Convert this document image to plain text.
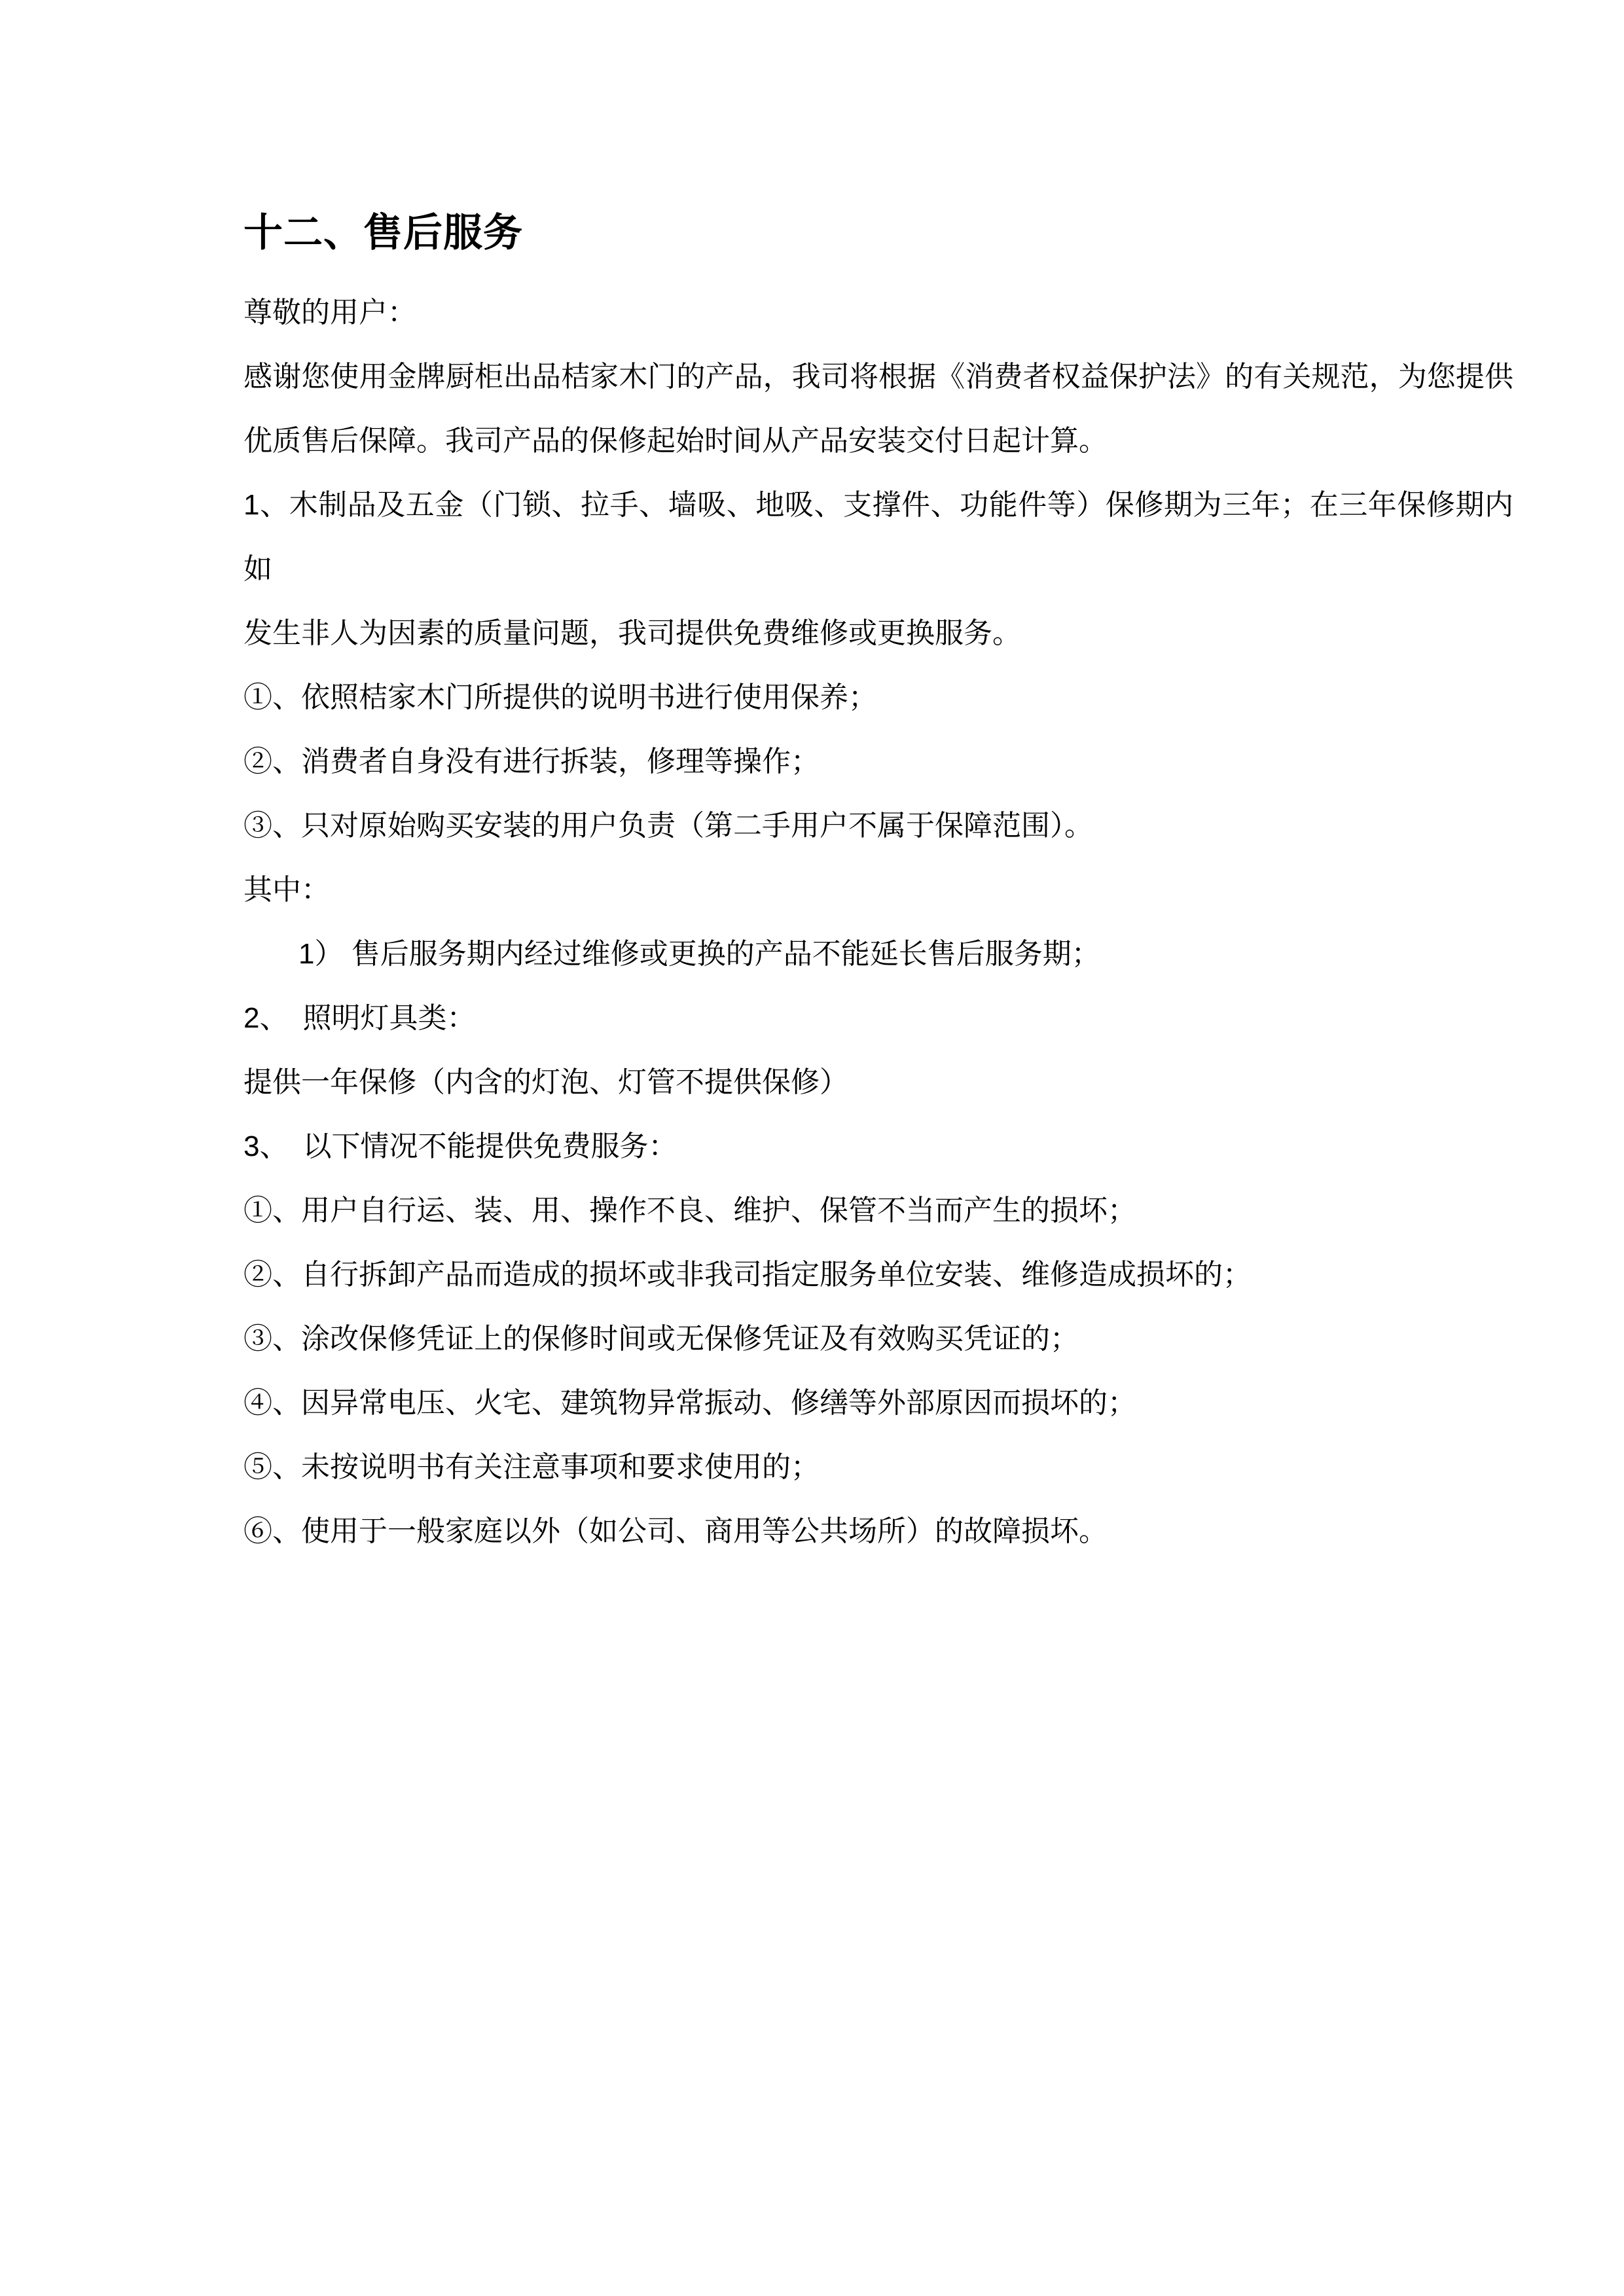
十二、售后服务
尊敬的用户：
感谢您使用金牌厨柜出品桔家木门的产品，我司将根据《消费者权益保护法》的有关规范，为您提供
优质售后保障。我司产品的保修起始时间从产品安装交付日起计算。
1、木制品及五金（门锁、拉手、墙吸、地吸、支撑件、功能件等）保修期为三年；在三年保修期内如
发生非人为因素的质量问题，我司提供免费维修或更换服务。
①、依照桔家木门所提供的说明书进行使用保养；
②、消费者自身没有进行拆装，修理等操作；
③、只对原始购买安装的用户负责（第二手用户不属于保障范围）。
其中：
1） 售后服务期内经过维修或更换的产品不能延长售后服务期；
2、　照明灯具类：
提供一年保修（内含的灯泡、灯管不提供保修）
3、　以下情况不能提供免费服务：
①、用户自行运、装、用、操作不良、维护、保管不当而产生的损坏；
②、自行拆卸产品而造成的损坏或非我司指定服务单位安装、维修造成损坏的；
③、涂改保修凭证上的保修时间或无保修凭证及有效购买凭证的；
④、因异常电压、火宅、建筑物异常振动、修缮等外部原因而损坏的；
⑤、未按说明书有关注意事项和要求使用的；
⑥、使用于一般家庭以外（如公司、商用等公共场所）的故障损坏。
